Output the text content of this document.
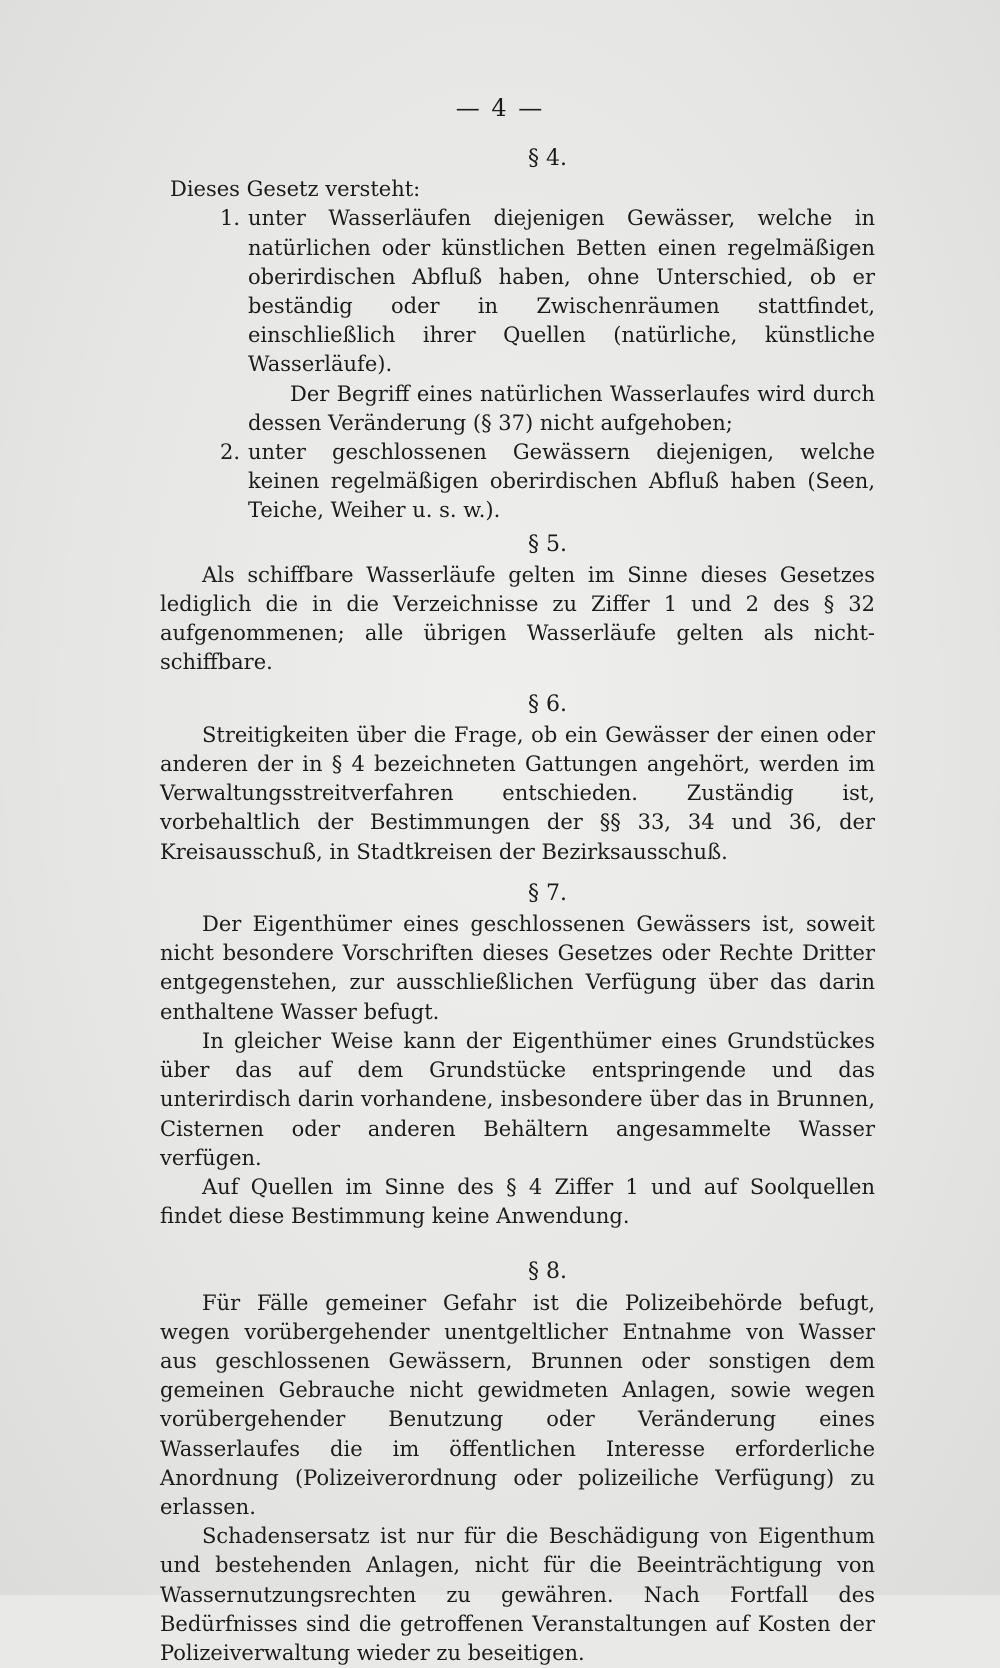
— 4 —
§ 4.

Dieses Gesetz versteht:

1. unter Wasserläufen diejenigen Gewässer, welche in natürlichen oder künstlichen Betten einen regelmäßigen oberirdischen Abfluß haben, ohne Unterschied, ob er beständig oder in Zwischenräumen stattfindet, einschließlich ihrer Quellen (natürliche, künstliche Wasserläufe).

Der Begriff eines natürlichen Wasserlaufes wird durch dessen Veränderung (§ 37) nicht aufgehoben;

2. unter geschlossenen Gewässern diejenigen, welche keinen regelmäßigen oberirdischen Abfluß haben (Seen, Teiche, Weiher u. s. w.).
§ 5.

Als schiffbare Wasserläufe gelten im Sinne dieses Gesetzes lediglich die in die Verzeichnisse zu Ziffer 1 und 2 des § 32 aufgenommenen; alle übrigen Wasserläufe gelten als nicht-schiffbare.

§ 6.

Streitigkeiten über die Frage, ob ein Gewässer der einen oder anderen der in § 4 bezeichneten Gattungen angehört, werden im Verwaltungsstreitverfahren entschieden. Zuständig ist, vorbehaltlich der Bestimmungen der §§ 33, 34 und 36, der Kreisausschuß, in Stadtkreisen der Bezirksausschuß.

§ 7.

Der Eigenthümer eines geschlossenen Gewässers ist, soweit nicht besondere Vorschriften dieses Gesetzes oder Rechte Dritter entgegenstehen, zur ausschließlichen Verfügung über das darin enthaltene Wasser befugt.

In gleicher Weise kann der Eigenthümer eines Grundstückes über das auf dem Grundstücke entspringende und das unterirdisch darin vorhandene, insbesondere über das in Brunnen, Cisternen oder anderen Behältern angesammelte Wasser verfügen.

Auf Quellen im Sinne des § 4 Ziffer 1 und auf Soolquellen findet diese Bestimmung keine Anwendung.

§ 8.

Für Fälle gemeiner Gefahr ist die Polizeibehörde befugt, wegen vorübergehender unentgeltlicher Entnahme von Wasser aus geschlossenen Gewässern, Brunnen oder sonstigen dem gemeinen Gebrauche nicht gewidmeten Anlagen, sowie wegen vorübergehender Benutzung oder Veränderung eines Wasserlaufes die im öffentlichen Interesse erforderliche Anordnung (Polizeiverordnung oder polizeiliche Verfügung) zu erlassen.

Schadensersatz ist nur für die Beschädigung von Eigenthum und bestehenden Anlagen, nicht für die Beeinträchtigung von Wassernutzungsrechten zu gewähren. Nach Fortfall des Bedürfnisses sind die getroffenen Veranstaltungen auf Kosten der Polizeiverwaltung wieder zu beseitigen.
